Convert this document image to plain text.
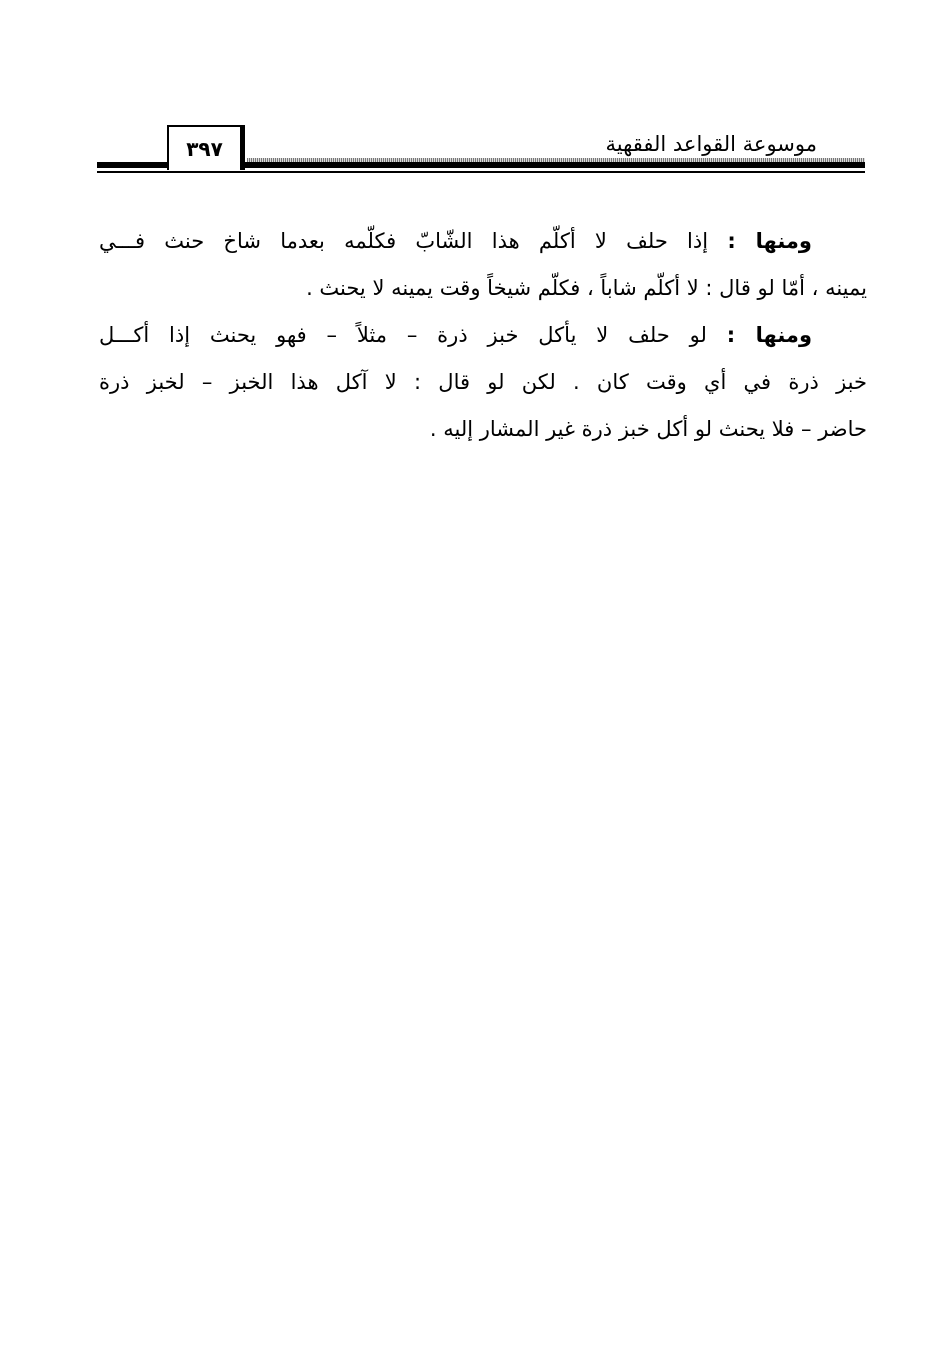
موسوعة القواعد الفقهية
٣٩٧
ومنها : إذا حلف لا أكلّم هذا الشّابّ فكلّمه بعدما شاخ حنث فـــي
يمينه ، أمّا لو قال : لا أكلّم شاباً ، فكلّم شيخاً وقت يمينه لا يحنث .
ومنها : لو حلف لا يأكل خبز ذرة – مثلاً – فهو يحنث إذا أكـــل
خبز ذرة في أي وقت كان . لكن لو قال : لا آكل هذا الخبز – لخبز ذرة
حاضر – فلا يحنث لو أكل خبز ذرة غير المشار إليه .
